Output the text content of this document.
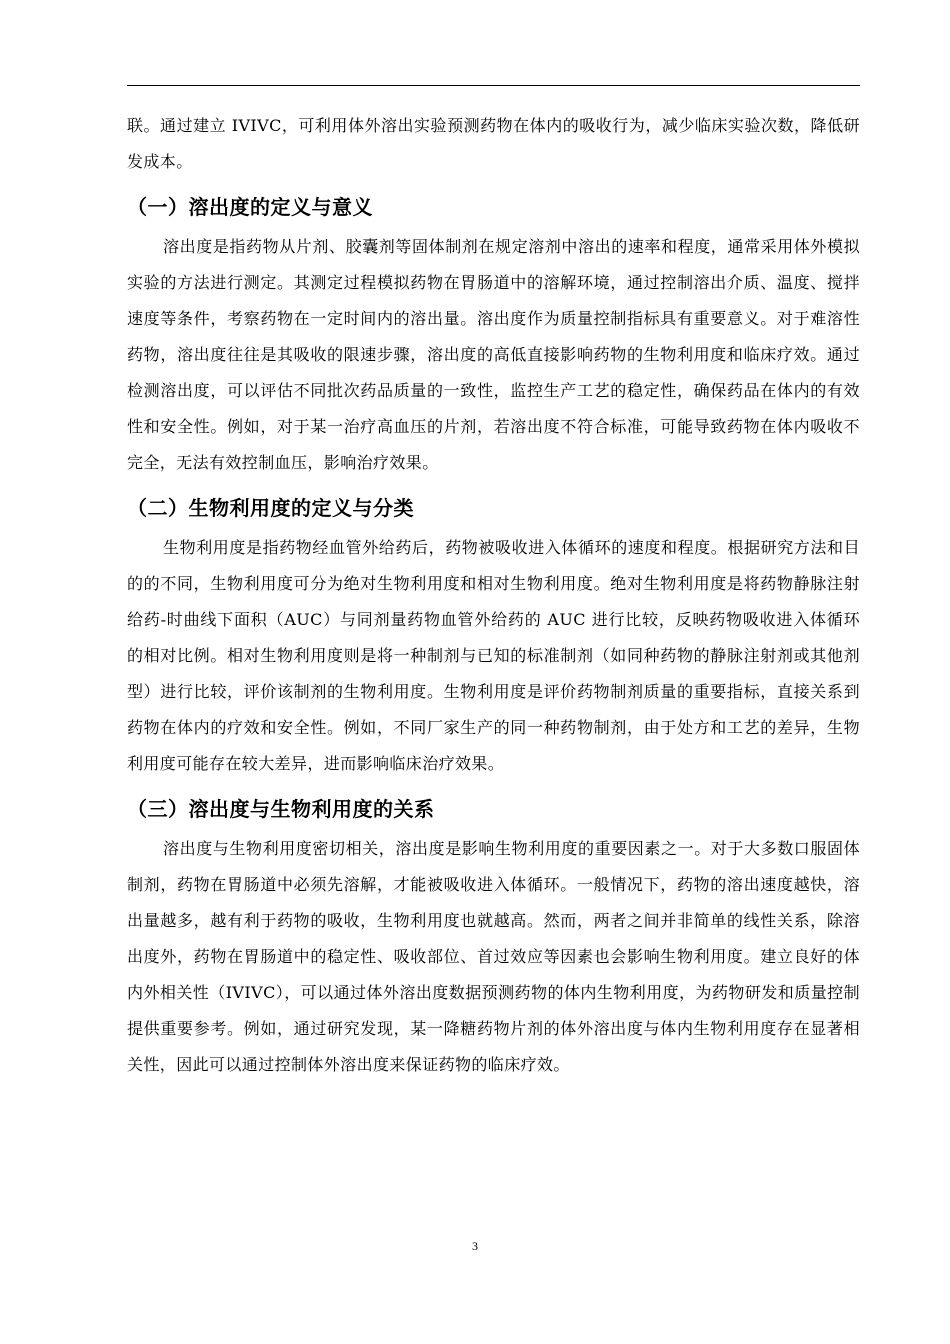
联。通过建立 IVIVC，可利用体外溶出实验预测药物在体内的吸收行为，减少临床实验次数，降低研发成本。

（一）溶出度的定义与意义

溶出度是指药物从片剂、胶囊剂等固体制剂在规定溶剂中溶出的速率和程度，通常采用体外模拟实验的方法进行测定。其测定过程模拟药物在胃肠道中的溶解环境，通过控制溶出介质、温度、搅拌速度等条件，考察药物在一定时间内的溶出量。溶出度作为质量控制指标具有重要意义。对于难溶性药物，溶出度往往是其吸收的限速步骤，溶出度的高低直接影响药物的生物利用度和临床疗效。通过检测溶出度，可以评估不同批次药品质量的一致性，监控生产工艺的稳定性，确保药品在体内的有效性和安全性。例如，对于某一治疗高血压的片剂，若溶出度不符合标准，可能导致药物在体内吸收不完全，无法有效控制血压，影响治疗效果。

（二）生物利用度的定义与分类

生物利用度是指药物经血管外给药后，药物被吸收进入体循环的速度和程度。根据研究方法和目的的不同，生物利用度可分为绝对生物利用度和相对生物利用度。绝对生物利用度是将药物静脉注射给药-时曲线下面积（AUC）与同剂量药物血管外给药的 AUC 进行比较，反映药物吸收进入体循环的相对比例。相对生物利用度则是将一种制剂与已知的标准制剂（如同种药物的静脉注射剂或其他剂型）进行比较，评价该制剂的生物利用度。生物利用度是评价药物制剂质量的重要指标，直接关系到药物在体内的疗效和安全性。例如，不同厂家生产的同一种药物制剂，由于处方和工艺的差异，生物利用度可能存在较大差异，进而影响临床治疗效果。

（三）溶出度与生物利用度的关系

溶出度与生物利用度密切相关，溶出度是影响生物利用度的重要因素之一。对于大多数口服固体制剂，药物在胃肠道中必须先溶解，才能被吸收进入体循环。一般情况下，药物的溶出速度越快，溶出量越多，越有利于药物的吸收，生物利用度也就越高。然而，两者之间并非简单的线性关系，除溶出度外，药物在胃肠道中的稳定性、吸收部位、首过效应等因素也会影响生物利用度。建立良好的体内外相关性（IVIVC），可以通过体外溶出度数据预测药物的体内生物利用度，为药物研发和质量控制提供重要参考。例如，通过研究发现，某一降糖药物片剂的体外溶出度与体内生物利用度存在显著相关性，因此可以通过控制体外溶出度来保证药物的临床疗效。

3
